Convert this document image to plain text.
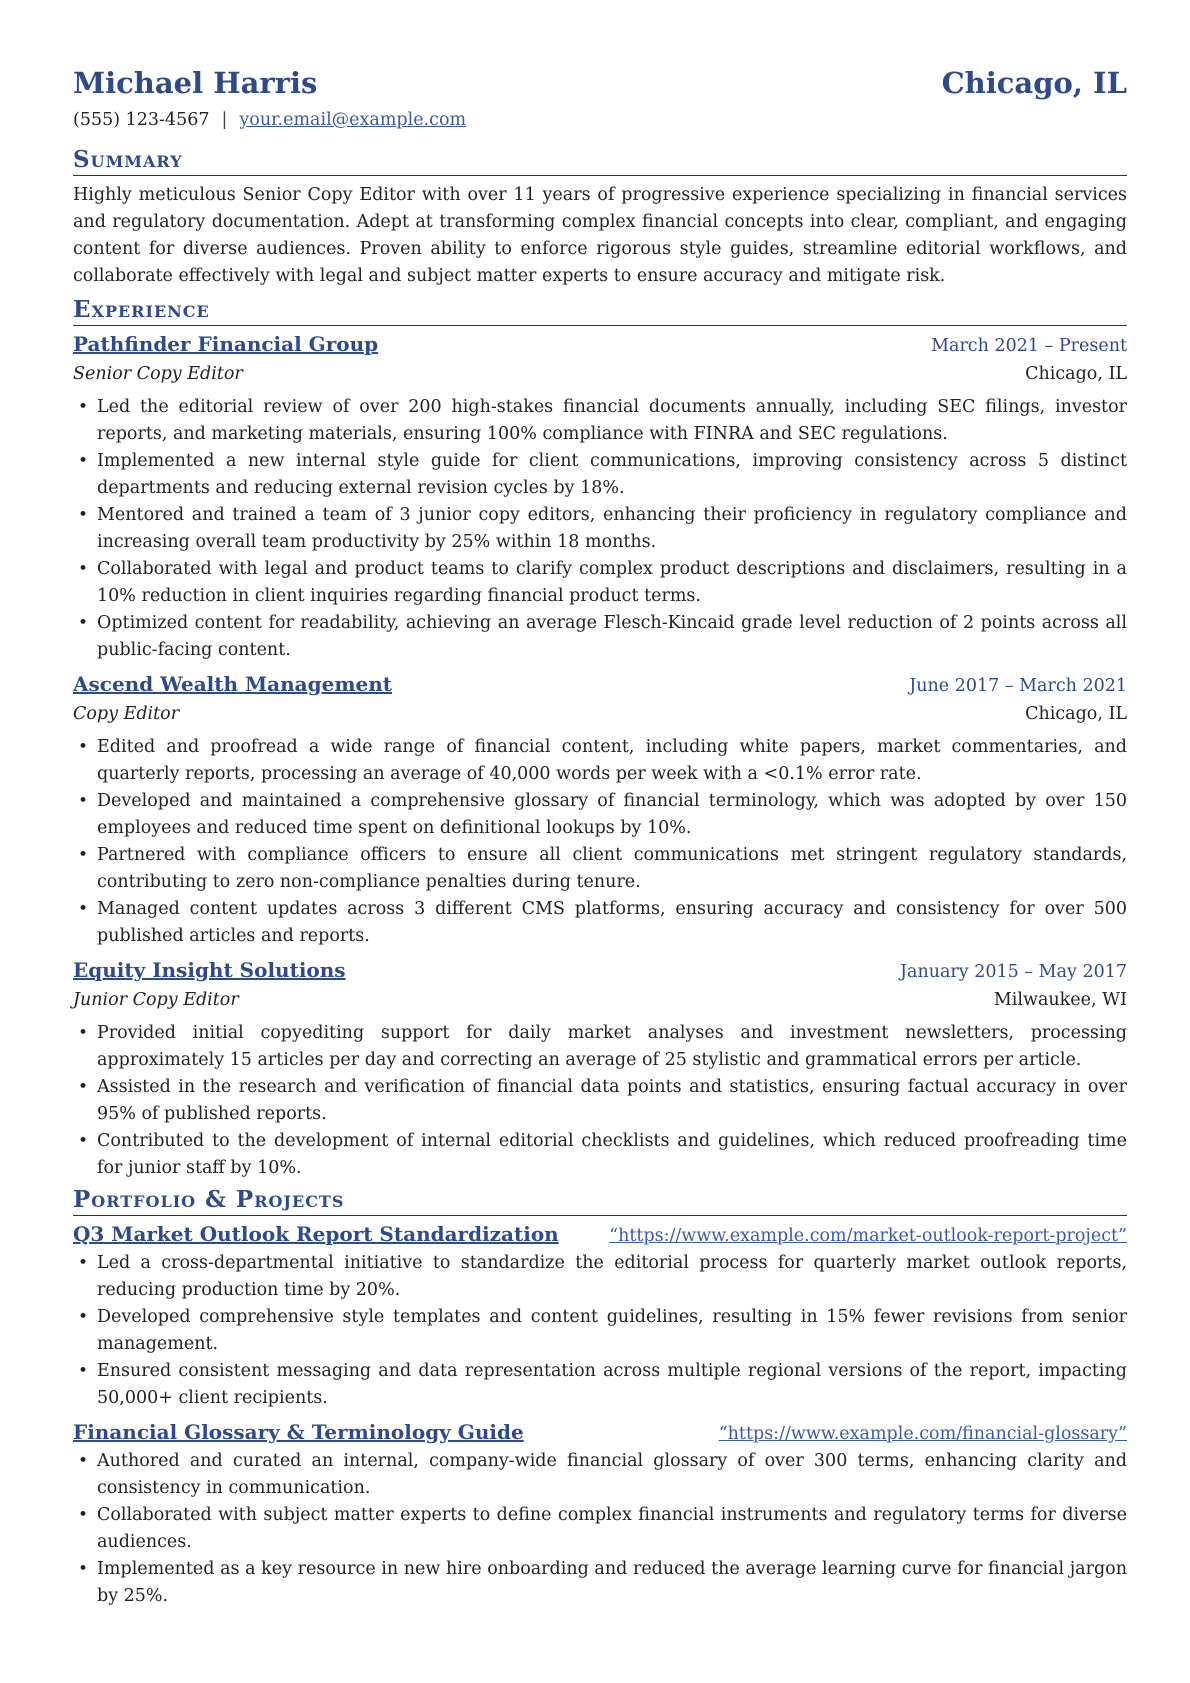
Michael Harris	Chicago, IL
(555) 123-4567 | your.email@example.com
Summary

Highly meticulous Senior Copy Editor with over 11 years of progressive experience specializing in financial services and regulatory documentation. Adept at transforming complex financial concepts into clear, compliant, and engaging content for diverse audiences. Proven ability to enforce rigorous style guides, streamline editorial workflows, and collaborate effectively with legal and subject matter experts to ensure accuracy and mitigate risk.

Experience
Pathfinder Financial Group	March 2021 – Present
Senior Copy Editor	Chicago, IL
• Led the editorial review of over 200 high-stakes financial documents annually, including SEC filings, investor reports, and marketing materials, ensuring 100% compliance with FINRA and SEC regulations.
• Implemented a new internal style guide for client communications, improving consistency across 5 distinct departments and reducing external revision cycles by 18%.
• Mentored and trained a team of 3 junior copy editors, enhancing their proficiency in regulatory compliance and increasing overall team productivity by 25% within 18 months.
• Collaborated with legal and product teams to clarify complex product descriptions and disclaimers, resulting in a 10% reduction in client inquiries regarding financial product terms.
• Optimized content for readability, achieving an average Flesch-Kincaid grade level reduction of 2 points across all public-facing content.
Ascend Wealth Management	June 2017 – March 2021
Copy Editor	Chicago, IL
• Edited and proofread a wide range of financial content, including white papers, market commentaries, and quarterly reports, processing an average of 40,000 words per week with a <0.1% error rate.
• Developed and maintained a comprehensive glossary of financial terminology, which was adopted by over 150 employees and reduced time spent on definitional lookups by 10%.
• Partnered with compliance officers to ensure all client communications met stringent regulatory standards, contributing to zero non-compliance penalties during tenure.
• Managed content updates across 3 different CMS platforms, ensuring accuracy and consistency for over 500 published articles and reports.
Equity Insight Solutions	January 2015 – May 2017
Junior Copy Editor	Milwaukee, WI
• Provided initial copyediting support for daily market analyses and investment newsletters, processing approximately 15 articles per day and correcting an average of 25 stylistic and grammatical errors per article.
• Assisted in the research and verification of financial data points and statistics, ensuring factual accuracy in over 95% of published reports.
• Contributed to the development of internal editorial checklists and guidelines, which reduced proofreading time for junior staff by 10%.
Portfolio & Projects
Q3 Market Outlook Report Standardization	“https://www.example.com/market-outlook-report-project”
• Led a cross-departmental initiative to standardize the editorial process for quarterly market outlook reports, reducing production time by 20%.
• Developed comprehensive style templates and content guidelines, resulting in 15% fewer revisions from senior management.
• Ensured consistent messaging and data representation across multiple regional versions of the report, impacting 50,000+ client recipients.
Financial Glossary & Terminology Guide	“https://www.example.com/financial-glossary”
• Authored and curated an internal, company-wide financial glossary of over 300 terms, enhancing clarity and consistency in communication.
• Collaborated with subject matter experts to define complex financial instruments and regulatory terms for diverse audiences.
• Implemented as a key resource in new hire onboarding and reduced the average learning curve for financial jargon by 25%.
